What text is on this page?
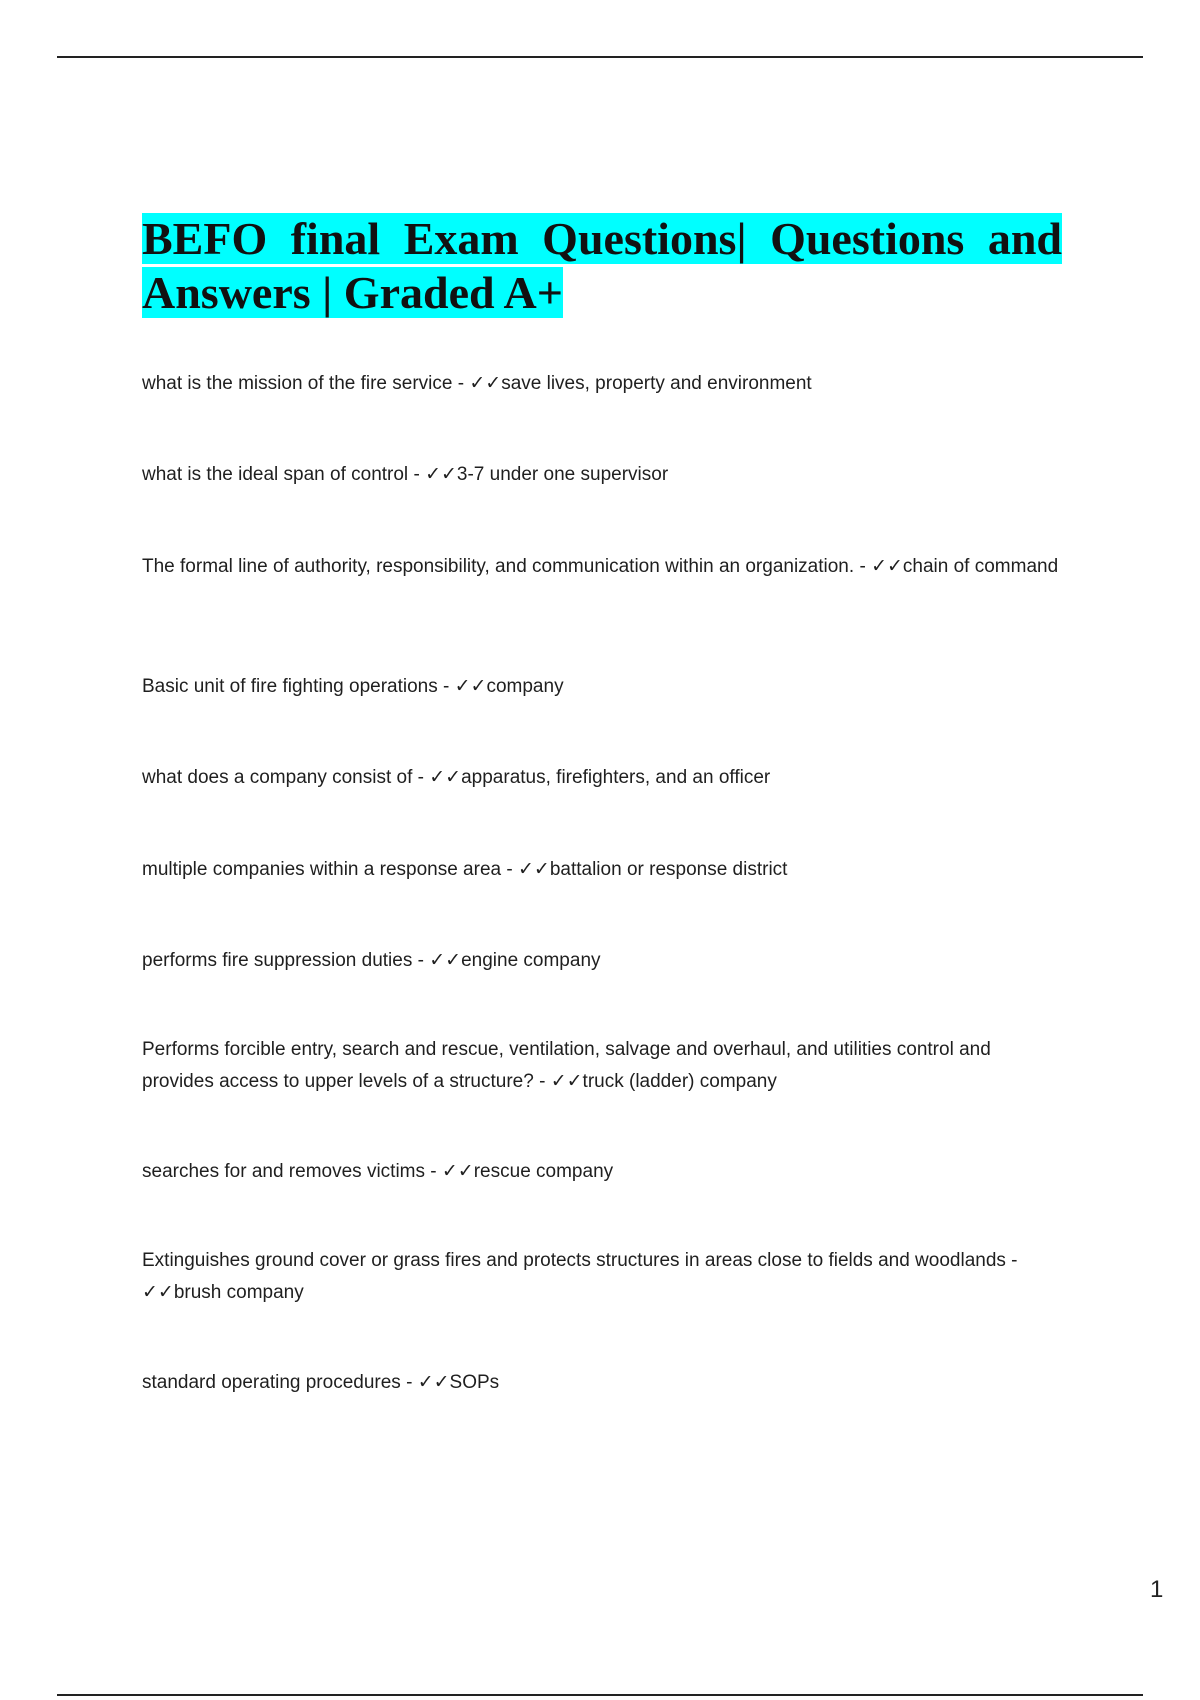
BEFO final Exam Questions| Questions and Answers | Graded A+

what is the mission of the fire service - ✓✓save lives, property and environment

what is the ideal span of control - ✓✓3-7 under one supervisor

The formal line of authority, responsibility, and communication within an organization. - ✓✓chain of command

Basic unit of fire fighting operations - ✓✓company

what does a company consist of - ✓✓apparatus, firefighters, and an officer

multiple companies within a response area - ✓✓battalion or response district

performs fire suppression duties - ✓✓engine company

Performs forcible entry, search and rescue, ventilation, salvage and overhaul, and utilities control and provides access to upper levels of a structure? - ✓✓truck (ladder) company

searches for and removes victims - ✓✓rescue company

Extinguishes ground cover or grass fires and protects structures in areas close to fields and woodlands - ✓✓brush company

standard operating procedures - ✓✓SOPs

1
